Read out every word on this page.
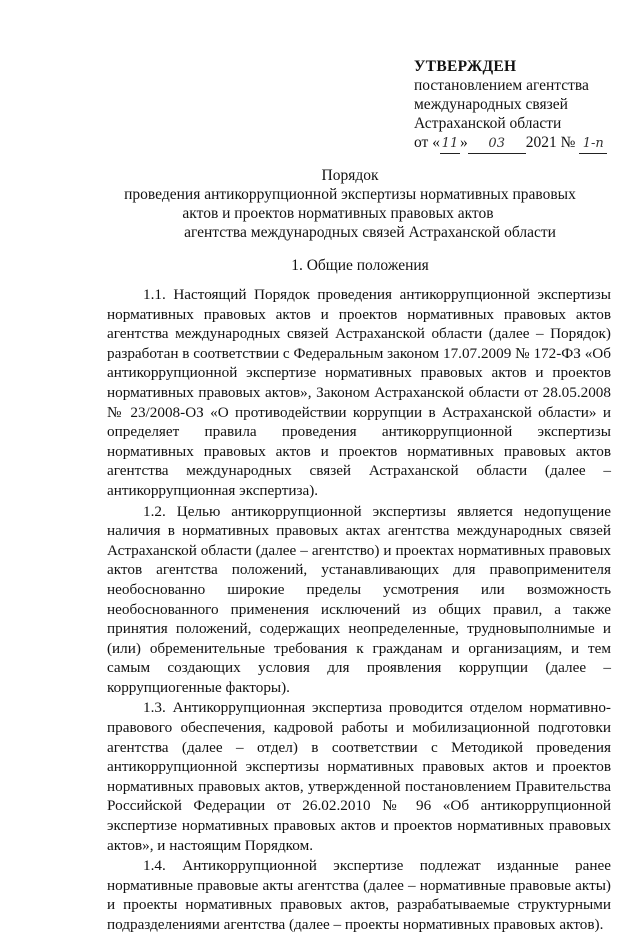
УТВЕРЖДЕН
постановлением агентства
международных связей
Астраханской области
от « 11 » 03 2021 № 1-п
Порядок
проведения антикоррупционной экспертизы нормативных правовых
актов и проектов нормативных правовых актов
агентства международных связей Астраханской области
1. Общие положения

1.1. Настоящий Порядок проведения антикоррупционной экспертизы нормативных правовых актов и проектов нормативных правовых актов агентства международных связей Астраханской области (далее – Порядок) разработан в соответствии с Федеральным законом 17.07.2009 № 172-ФЗ «Об антикоррупционной экспертизе нормативных правовых актов и проектов нормативных правовых актов», Законом Астраханской области от 28.05.2008 № 23/2008-ОЗ «О противодействии коррупции в Астраханской области» и определяет правила проведения антикоррупционной экспертизы нормативных правовых актов и проектов нормативных правовых актов агентства международных связей Астраханской области (далее – антикоррупционная экспертиза).

1.2. Целью антикоррупционной экспертизы является недопущение наличия в нормативных правовых актах агентства международных связей Астраханской области (далее – агентство) и проектах нормативных правовых актов агентства положений, устанавливающих для правоприменителя необоснованно широкие пределы усмотрения или возможность необоснованного применения исключений из общих правил, а также принятия положений, содержащих неопределенные, трудновыполнимые и (или) обременительные требования к гражданам и организациям, и тем самым создающих условия для проявления коррупции (далее – коррупциогенные факторы).

1.3. Антикоррупционная экспертиза проводится отделом нормативно-правового обеспечения, кадровой работы и мобилизационной подготовки агентства (далее – отдел) в соответствии с Методикой проведения антикоррупционной экспертизы нормативных правовых актов и проектов нормативных правовых актов, утвержденной постановлением Правительства Российской Федерации от 26.02.2010 № 96 «Об антикоррупционной экспертизе нормативных правовых актов и проектов нормативных правовых актов», и настоящим Порядком.

1.4. Антикоррупционной экспертизе подлежат изданные ранее нормативные правовые акты агентства (далее – нормативные правовые акты) и проекты нормативных правовых актов, разрабатываемые структурными подразделениями агентства (далее – проекты нормативных правовых актов).
